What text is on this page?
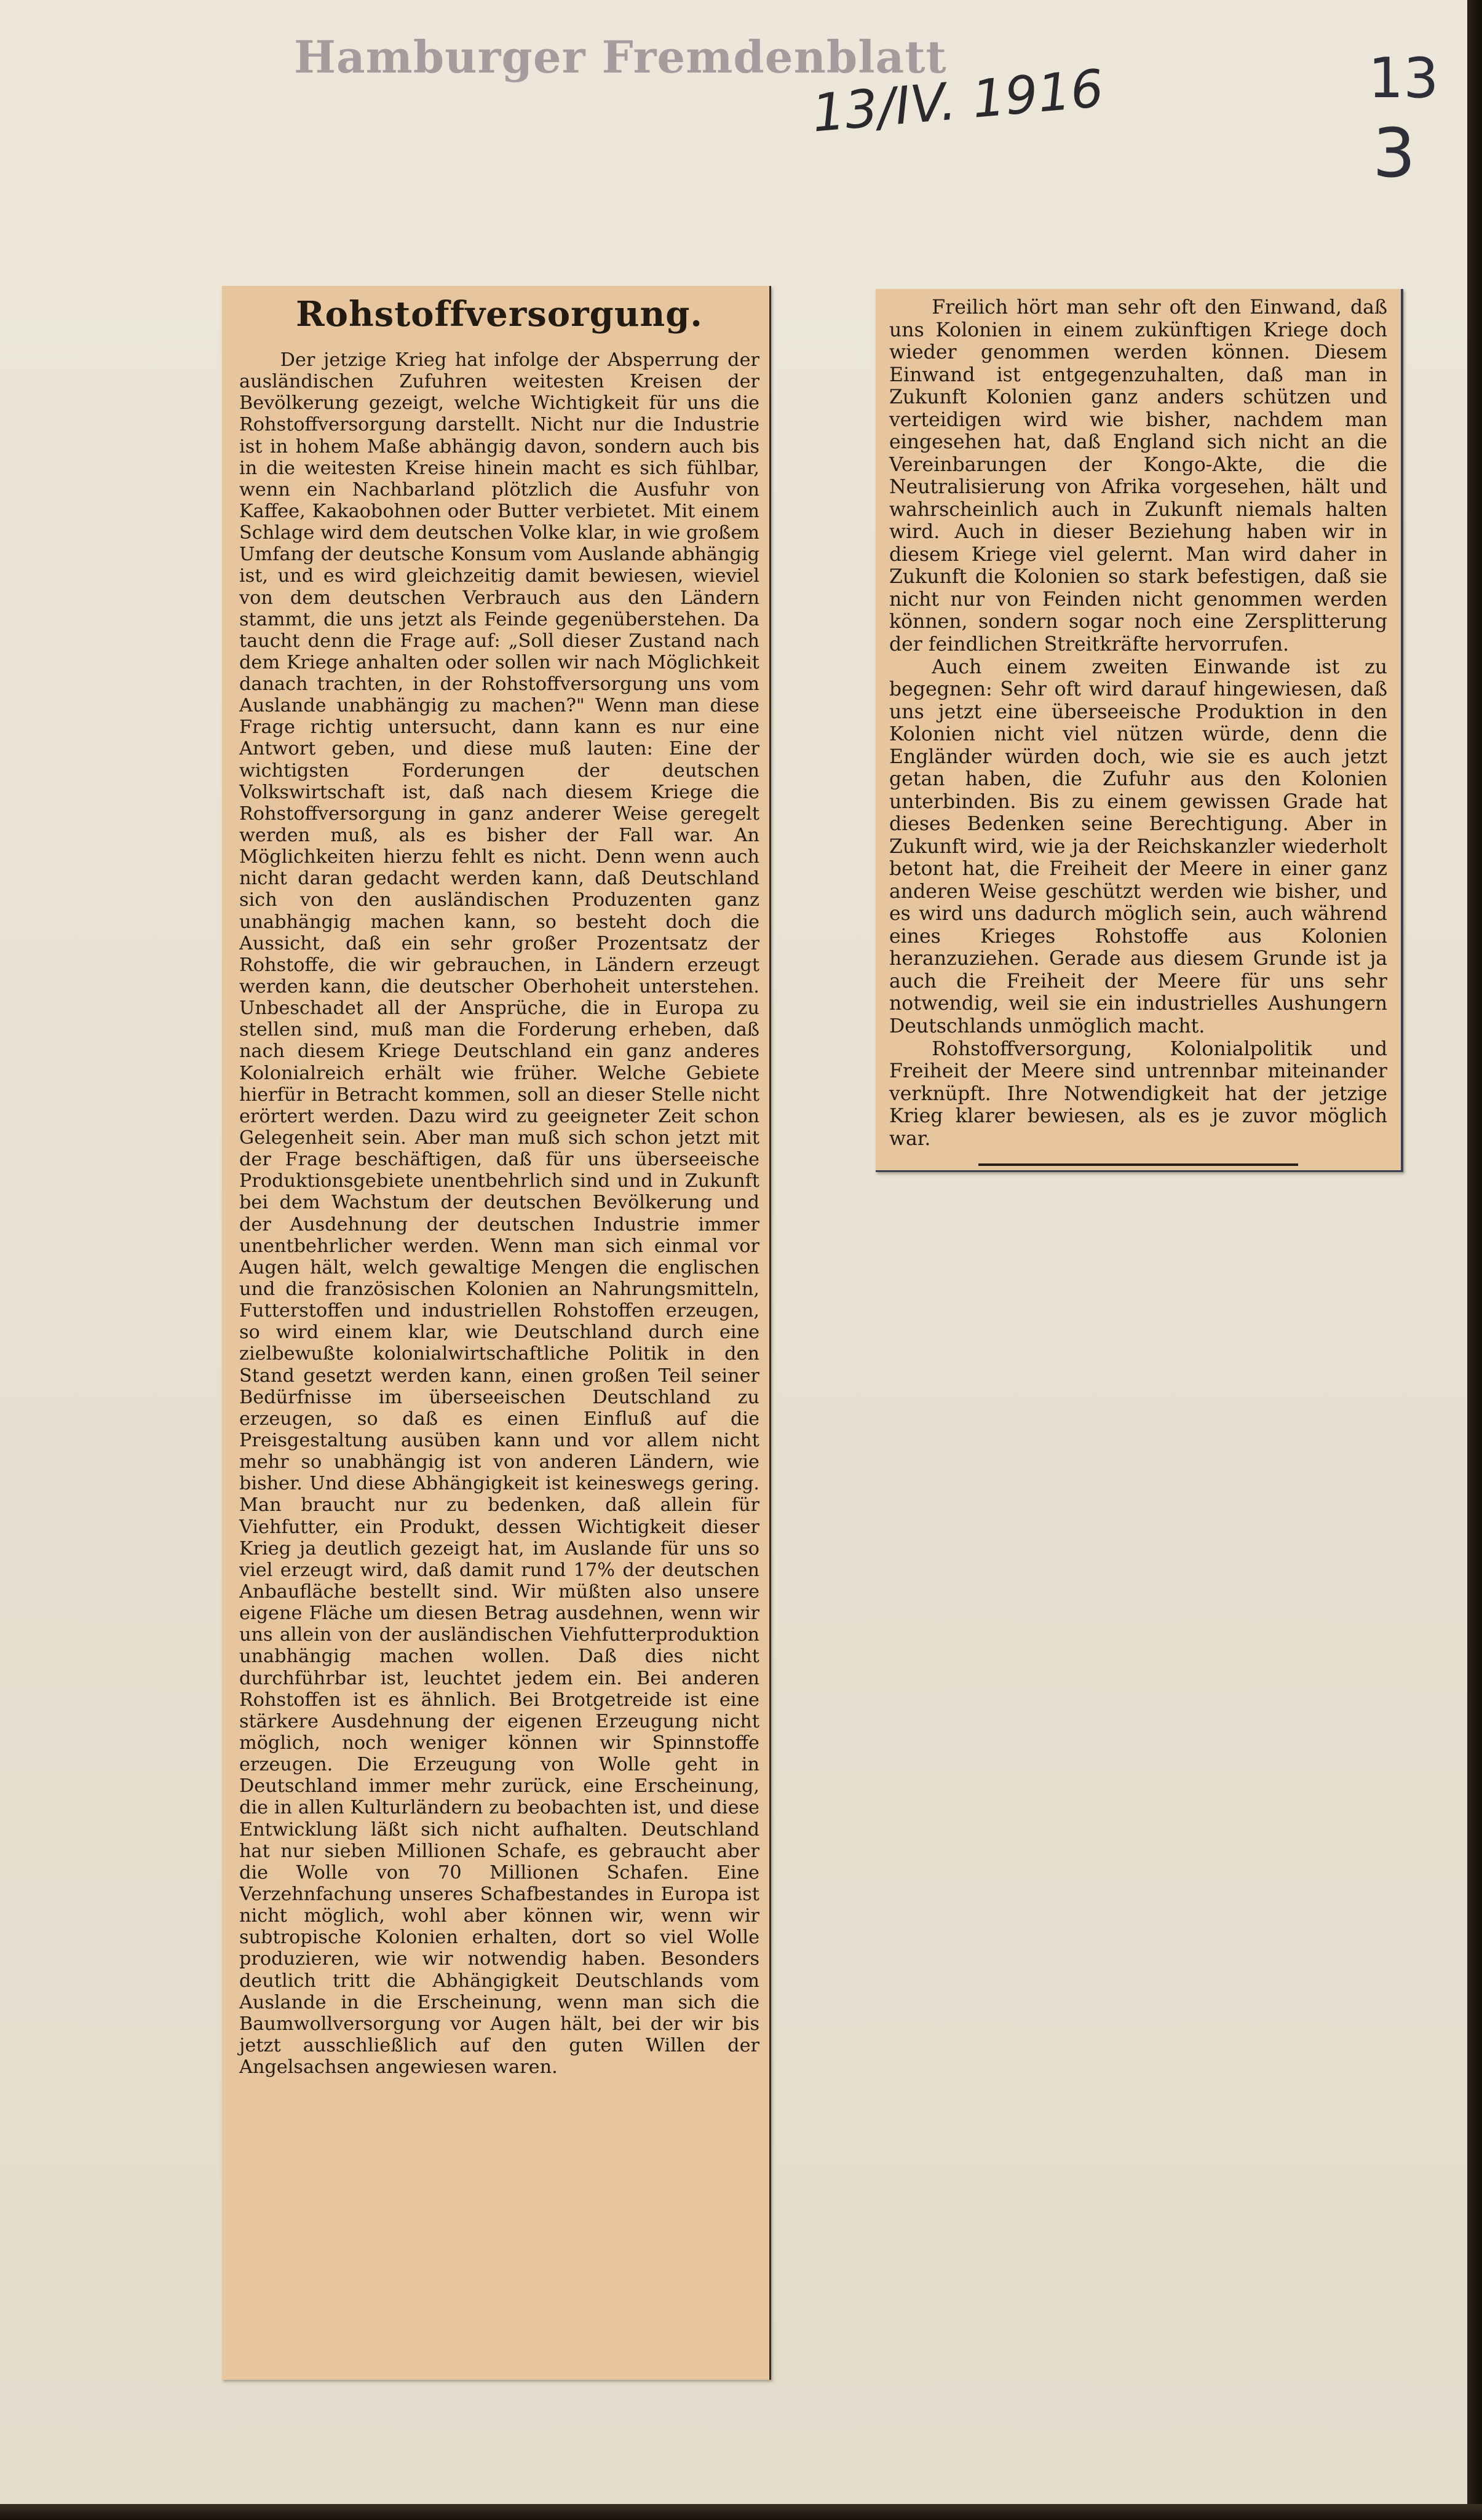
Hamburger Fremdenblatt
13/IV. 1916	13
3
Rohstoffversorgung.

Der jetzige Krieg hat infolge der Absperrung der ausländischen Zufuhren weitesten Kreisen der Bevölkerung gezeigt, welche Wichtigkeit für uns die Rohstoffversorgung darstellt. Nicht nur die Industrie ist in hohem Maße abhängig davon, sondern auch bis in die weitesten Kreise hinein macht es sich fühlbar, wenn ein Nachbarland plötzlich die Ausfuhr von Kaffee, Kakaobohnen oder Butter verbietet. Mit einem Schlage wird dem deutschen Volke klar, in wie großem Umfang der deutsche Konsum vom Auslande abhängig ist, und es wird gleichzeitig damit bewiesen, wieviel von dem deutschen Verbrauch aus den Ländern stammt, die uns jetzt als Feinde gegenüberstehen. Da taucht denn die Frage auf: „Soll dieser Zustand nach dem Kriege anhalten oder sollen wir nach Möglichkeit danach trachten, in der Rohstoffversorgung uns vom Auslande unabhängig zu machen?" Wenn man diese Frage richtig untersucht, dann kann es nur eine Antwort geben, und diese muß lauten: Eine der wichtigsten Forderungen der deutschen Volkswirtschaft ist, daß nach diesem Kriege die Rohstoffversorgung in ganz anderer Weise geregelt werden muß, als es bisher der Fall war. An Möglichkeiten hierzu fehlt es nicht. Denn wenn auch nicht daran gedacht werden kann, daß Deutschland sich von den ausländischen Produzenten ganz unabhängig machen kann, so besteht doch die Aussicht, daß ein sehr großer Prozentsatz der Rohstoffe, die wir gebrauchen, in Ländern erzeugt werden kann, die deutscher Oberhoheit unterstehen. Unbeschadet all der Ansprüche, die in Europa zu stellen sind, muß man die Forderung erheben, daß nach diesem Kriege Deutschland ein ganz anderes Kolonialreich erhält wie früher. Welche Gebiete hierfür in Betracht kommen, soll an dieser Stelle nicht erörtert werden. Dazu wird zu geeigneter Zeit schon Gelegenheit sein. Aber man muß sich schon jetzt mit der Frage beschäftigen, daß für uns überseeische Produktionsgebiete unentbehrlich sind und in Zukunft bei dem Wachstum der deutschen Bevölkerung und der Ausdehnung der deutschen Industrie immer unentbehrlicher werden. Wenn man sich einmal vor Augen hält, welch gewaltige Mengen die englischen und die französischen Kolonien an Nahrungsmitteln, Futterstoffen und industriellen Rohstoffen erzeugen, so wird einem klar, wie Deutschland durch eine zielbewußte kolonialwirtschaftliche Politik in den Stand gesetzt werden kann, einen großen Teil seiner Bedürfnisse im überseeischen Deutschland zu erzeugen, so daß es einen Einfluß auf die Preisgestaltung ausüben kann und vor allem nicht mehr so unabhängig ist von anderen Ländern, wie bisher. Und diese Abhängigkeit ist keineswegs gering. Man braucht nur zu bedenken, daß allein für Viehfutter, ein Produkt, dessen Wichtigkeit dieser Krieg ja deutlich gezeigt hat, im Auslande für uns so viel erzeugt wird, daß damit rund 17% der deutschen Anbaufläche bestellt sind. Wir müßten also unsere eigene Fläche um diesen Betrag ausdehnen, wenn wir uns allein von der ausländischen Viehfutterproduktion unabhängig machen wollen. Daß dies nicht durchführbar ist, leuchtet jedem ein. Bei anderen Rohstoffen ist es ähnlich. Bei Brotgetreide ist eine stärkere Ausdehnung der eigenen Erzeugung nicht möglich, noch weniger können wir Spinnstoffe erzeugen. Die Erzeugung von Wolle geht in Deutschland immer mehr zurück, eine Erscheinung, die in allen Kulturländern zu beobachten ist, und diese Entwicklung läßt sich nicht aufhalten. Deutschland hat nur sieben Millionen Schafe, es gebraucht aber die Wolle von 70 Millionen Schafen. Eine Verzehnfachung unseres Schafbestandes in Europa ist nicht möglich, wohl aber können wir, wenn wir subtropische Kolonien erhalten, dort so viel Wolle produzieren, wie wir notwendig haben. Besonders deutlich tritt die Abhängigkeit Deutschlands vom Auslande in die Erscheinung, wenn man sich die Baumwollversorgung vor Augen hält, bei der wir bis jetzt ausschließlich auf den guten Willen der Angelsachsen angewiesen waren.

Freilich hört man sehr oft den Einwand, daß uns Kolonien in einem zukünftigen Kriege doch wieder genommen werden können. Diesem Einwand ist entgegenzuhalten, daß man in Zukunft Kolonien ganz anders schützen und verteidigen wird wie bisher, nachdem man eingesehen hat, daß England sich nicht an die Vereinbarungen der Kongo-Akte, die die Neutralisierung von Afrika vorgesehen, hält und wahrscheinlich auch in Zukunft niemals halten wird. Auch in dieser Beziehung haben wir in diesem Kriege viel gelernt. Man wird daher in Zukunft die Kolonien so stark befestigen, daß sie nicht nur von Feinden nicht genommen werden können, sondern sogar noch eine Zersplitterung der feindlichen Streitkräfte hervorrufen.

Auch einem zweiten Einwande ist zu begegnen: Sehr oft wird darauf hingewiesen, daß uns jetzt eine überseeische Produktion in den Kolonien nicht viel nützen würde, denn die Engländer würden doch, wie sie es auch jetzt getan haben, die Zufuhr aus den Kolonien unterbinden. Bis zu einem gewissen Grade hat dieses Bedenken seine Berechtigung. Aber in Zukunft wird, wie ja der Reichskanzler wiederholt betont hat, die Freiheit der Meere in einer ganz anderen Weise geschützt werden wie bisher, und es wird uns dadurch möglich sein, auch während eines Krieges Rohstoffe aus Kolonien heranzuziehen. Gerade aus diesem Grunde ist ja auch die Freiheit der Meere für uns sehr notwendig, weil sie ein industrielles Aushungern Deutschlands unmöglich macht.

Rohstoffversorgung, Kolonialpolitik und Freiheit der Meere sind untrennbar miteinander verknüpft. Ihre Notwendigkeit hat der jetzige Krieg klarer bewiesen, als es je zuvor möglich war.
